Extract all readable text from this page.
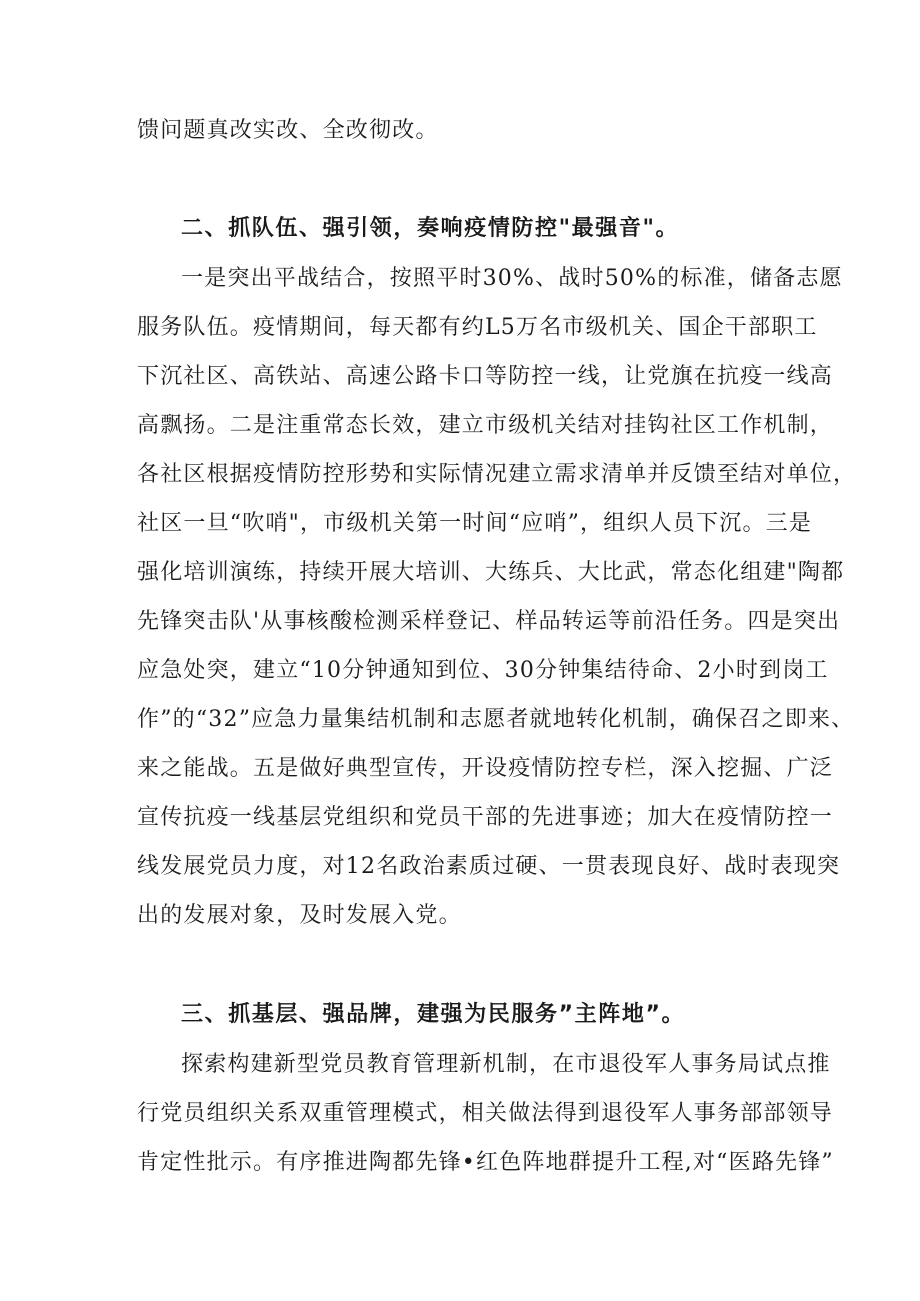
馈问题真改实改、全改彻改。
二、抓队伍、强引领，奏响疫情防控"最强音"。
一是突出平战结合，按照平时30%、战时50%的标准，储备志愿
服务队伍。疫情期间，每天都有约L5万名市级机关、国企干部职工
下沉社区、高铁站、高速公路卡口等防控一线，让党旗在抗疫一线高
高飘扬。二是注重常态长效，建立市级机关结对挂钩社区工作机制，
各社区根据疫情防控形势和实际情况建立需求清单并反馈至结对单位，
社区一旦“吹哨"，市级机关第一时间“应哨”，组织人员下沉。三是
强化培训演练，持续开展大培训、大练兵、大比武，常态化组建"陶都
先锋突击队'从事核酸检测采样登记、样品转运等前沿任务。四是突出
应急处突，建立“10分钟通知到位、30分钟集结待命、2小时到岗工
作”的“32”应急力量集结机制和志愿者就地转化机制，确保召之即来、
来之能战。五是做好典型宣传，开设疫情防控专栏，深入挖掘、广泛
宣传抗疫一线基层党组织和党员干部的先进事迹；加大在疫情防控一
线发展党员力度，对12名政治素质过硬、一贯表现良好、战时表现突
出的发展对象，及时发展入党。
三、抓基层、强品牌，建强为民服务”主阵地”。
探索构建新型党员教育管理新机制，在市退役军人事务局试点推
行党员组织关系双重管理模式，相关做法得到退役军人事务部部领导
肯定性批示。有序推进陶都先锋•红色阵地群提升工程,对“医路先锋”
